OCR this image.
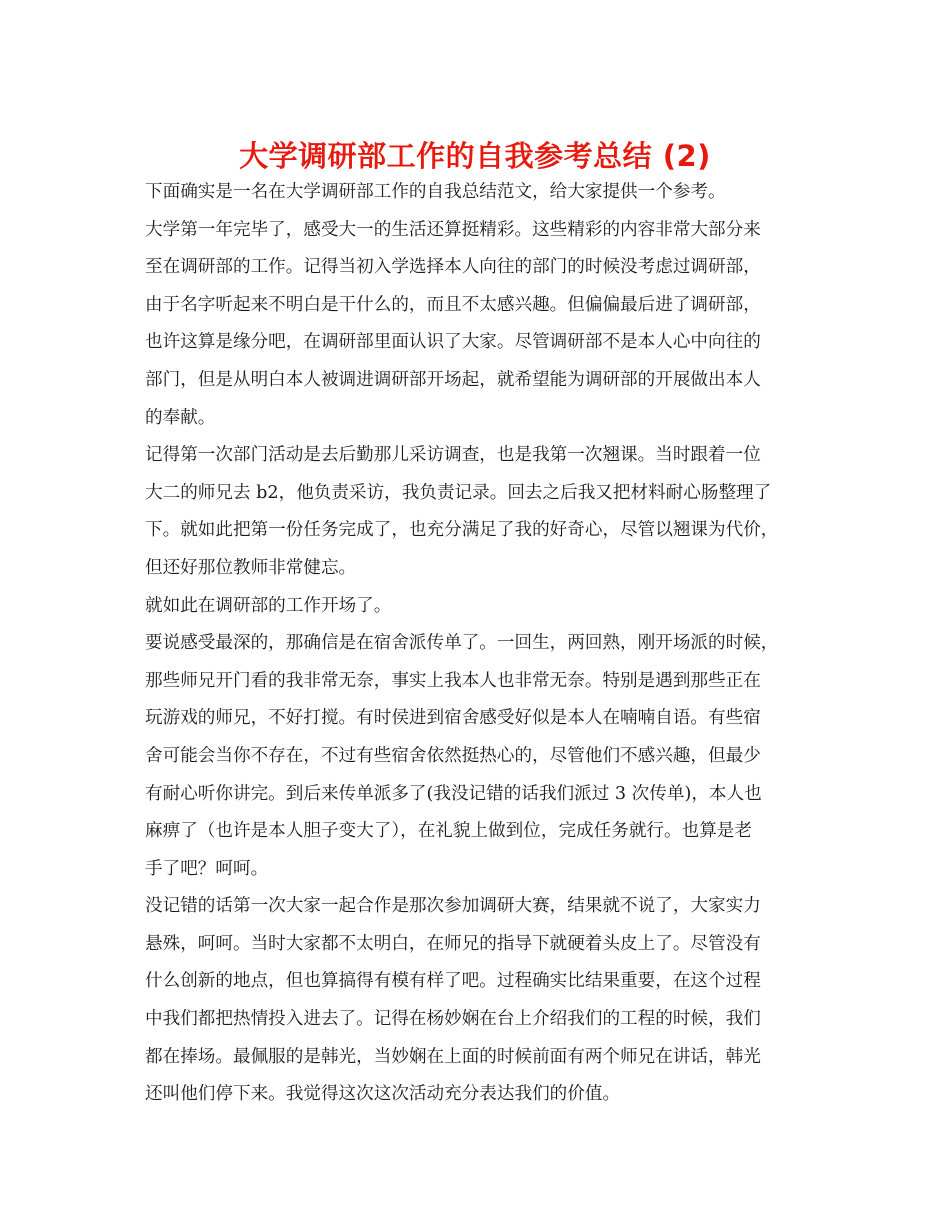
大学调研部工作的自我参考总结 (2)
下面确实是一名在大学调研部工作的自我总结范文，给大家提供一个参考。
大学第一年完毕了，感受大一的生活还算挺精彩。这些精彩的内容非常大部分来
至在调研部的工作。记得当初入学选择本人向往的部门的时候没考虑过调研部，
由于名字听起来不明白是干什么的，而且不太感兴趣。但偏偏最后进了调研部，
也许这算是缘分吧，在调研部里面认识了大家。尽管调研部不是本人心中向往的
部门，但是从明白本人被调进调研部开场起，就希望能为调研部的开展做出本人
的奉献。
记得第一次部门活动是去后勤那儿采访调查，也是我第一次翘课。当时跟着一位
大二的师兄去 b2，他负责采访，我负责记录。回去之后我又把材料耐心肠整理了
下。就如此把第一份任务完成了，也充分满足了我的好奇心，尽管以翘课为代价，
但还好那位教师非常健忘。
就如此在调研部的工作开场了。
要说感受最深的，那确信是在宿舍派传单了。一回生，两回熟，刚开场派的时候，
那些师兄开门看的我非常无奈，事实上我本人也非常无奈。特别是遇到那些正在
玩游戏的师兄，不好打搅。有时侯进到宿舍感受好似是本人在喃喃自语。有些宿
舍可能会当你不存在，不过有些宿舍依然挺热心的，尽管他们不感兴趣，但最少
有耐心听你讲完。到后来传单派多了(我没记错的话我们派过 3 次传单)，本人也
麻痹了（也许是本人胆子变大了），在礼貌上做到位，完成任务就行。也算是老
手了吧？呵呵。
没记错的话第一次大家一起合作是那次参加调研大赛，结果就不说了，大家实力
悬殊，呵呵。当时大家都不太明白，在师兄的指导下就硬着头皮上了。尽管没有
什么创新的地点，但也算搞得有模有样了吧。过程确实比结果重要，在这个过程
中我们都把热情投入进去了。记得在杨妙娴在台上介绍我们的工程的时候，我们
都在捧场。最佩服的是韩光，当妙娴在上面的时候前面有两个师兄在讲话，韩光
还叫他们停下来。我觉得这次这次活动充分表达我们的价值。
